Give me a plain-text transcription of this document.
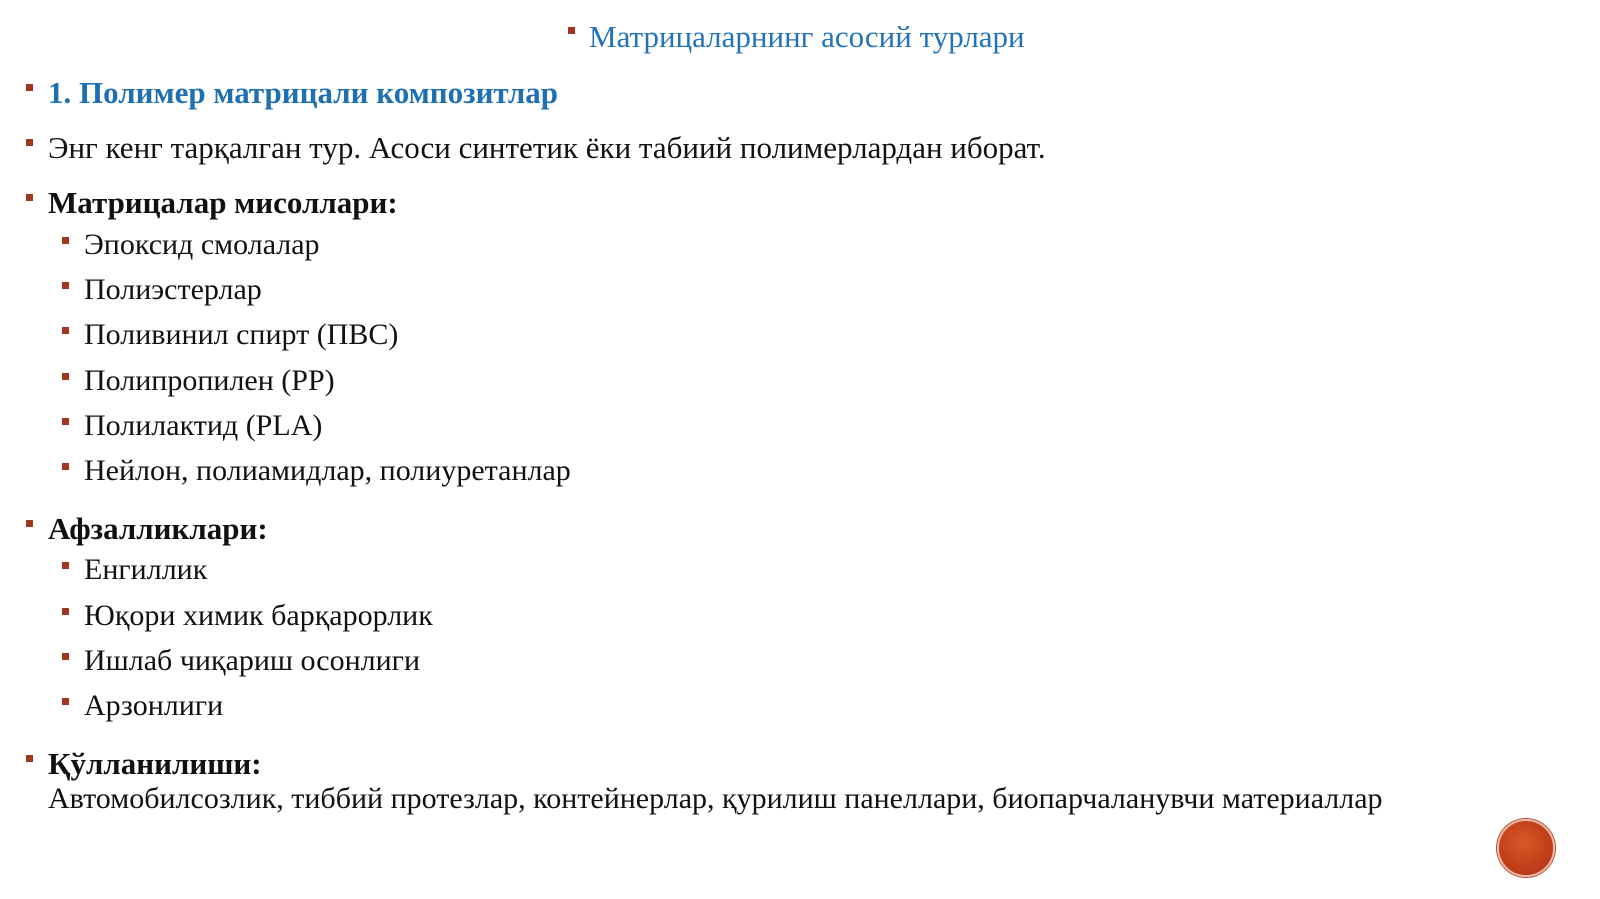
Матрицаларнинг асосий турлари
1. Полимер матрицали композитлар
Энг кенг тарқалган тур. Асоси синтетик ёки табиий полимерлардан иборат.
Матрицалар мисоллари:
Эпоксид смолалар
Полиэстерлар
Поливинил спирт (ПВС)
Полипропилен (PP)
Полилактид (PLA)
Нейлон, полиамидлар, полиуретанлар
Афзалликлари:
Енгиллик
Юқори химик барқарорлик
Ишлаб чиқариш осонлиги
Арзонлиги
Қўлланилиши:
Автомобилсозлик, тиббий протезлар, контейнерлар, қурилиш панеллари, биопарчаланувчи материаллар
